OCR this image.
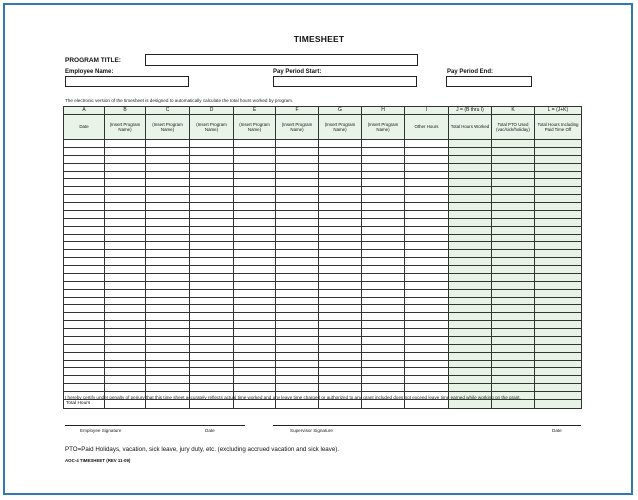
TIMESHEET
PROGRAM TITLE:
Employee Name:	Pay Period Start:	Pay Period End:
The electronic version of the timesheet is designed to automatically calculate the total hours worked by program.
A	B	C	D	E	F	G	H	I	J = (B thru I)	K	L = (J+K)
Date	(Insert Program Name)	(Insert Program Name)	(Insert Program Name)	(Insert Program Name)	(Insert Program Name)	(Insert Program Name)	(Insert Program Name)	Other Hours	Total Hours Worked	Total PTO Used (vac/sick/holiday)	Total Hours Including Paid Time Off

Total Hours											
I hereby certify under penalty of perjury that this time sheet accurately reflects actual time worked and any leave time charged or authorized to any grant included does not exceed leave time earned while working on the grant.
Employee Signature	Date	Supervisor Signature	Date
PTO=Paid Holidays, vacation, sick leave, jury duty, etc. (excluding accrued vacation and sick leave).
AOC-4 TIMESHEET (REV 11-09)
